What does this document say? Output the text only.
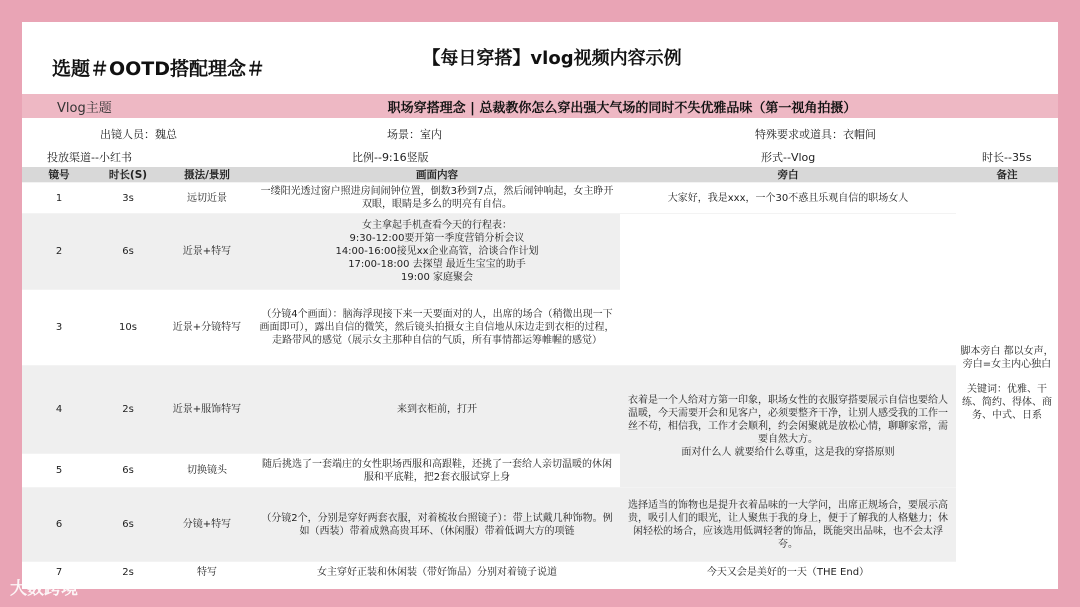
选题＃OOTD搭配理念＃	【每日穿搭】vlog视频内容示例
Vlog主题	职场穿搭理念 | 总裁教你怎么穿出强大气场的同时不失优雅品味（第一视角拍摄）
出镜人员：魏总	场景：室内	特殊要求或道具：衣帽间
投放渠道--小红书	比例--9:16竖版	形式--Vlog	时长--35s
镜号	时长(S)	摄法/景别	画面内容	旁白	备注
1	3s	远切近景	一缕阳光透过窗户照进房间闹钟位置，倒数3秒到7点，然后闹钟响起，女主睁开双眼，眼睛是多么的明亮有自信。	大家好，我是xxx，一个30不惑且乐观自信的职场女人	脚本旁白 都以女声，旁白=女主内心独白
关键词：优雅、干练、简约、得体、商务、中式、日系

2	6s	近景+特写	女主拿起手机查看今天的行程表：
9:30-12:00要开第一季度营销分析会议
14:00-16:00接见xx企业高管，洽谈合作计划
17:00-18:00 去探望 最近生宝宝的助手
19:00 家庭聚会		
3	10s	近景+分镜特写	（分镜4个画面）：脑海浮现接下来一天要面对的人，出席的场合（稍微出现一下画面即可），露出自信的微笑，然后镜头拍摄女主自信地从床边走到衣柜的过程，走路带风的感觉（展示女主那种自信的气质，所有事情都运筹帷幄的感觉）		
4	2s	近景+服饰特写	来到衣柜前，打开	衣着是一个人给对方第一印象，职场女性的衣服穿搭要展示自信也要给人温暖，今天需要开会和见客户，必须要整齐干净，让别人感受我的工作一丝不苟，相信我，工作才会顺利，约会闲聚就是放松心情，聊聊家常，需要自然大方。
面对什么人 就要给什么尊重，这是我的穿搭原则	
5	6s	切换镜头	随后挑选了一套端庄的女性职场西服和高跟鞋，还挑了一套给人亲切温暖的休闲服和平底鞋，把2套衣服试穿上身		
6	6s	分镜+特写	（分镜2个，分别是穿好两套衣服，对着梳妆台照镜子）：带上试戴几种饰物。例如（西装）带着成熟高贵耳环、（休闲服）带着低调大方的项链	选择适当的饰物也是提升衣着品味的一大学问，出席正规场合，要展示高贵，吸引人们的眼光，让人聚焦于我的身上，便于了解我的人格魅力；休闲轻松的场合，应该选用低调轻奢的饰品，既能突出品味，也不会太浮夸。	
7	2s	特写	女主穿好正装和休闲装（带好饰品）分别对着镜子说道	今天又会是美好的一天（THE End）	
大数跨境
